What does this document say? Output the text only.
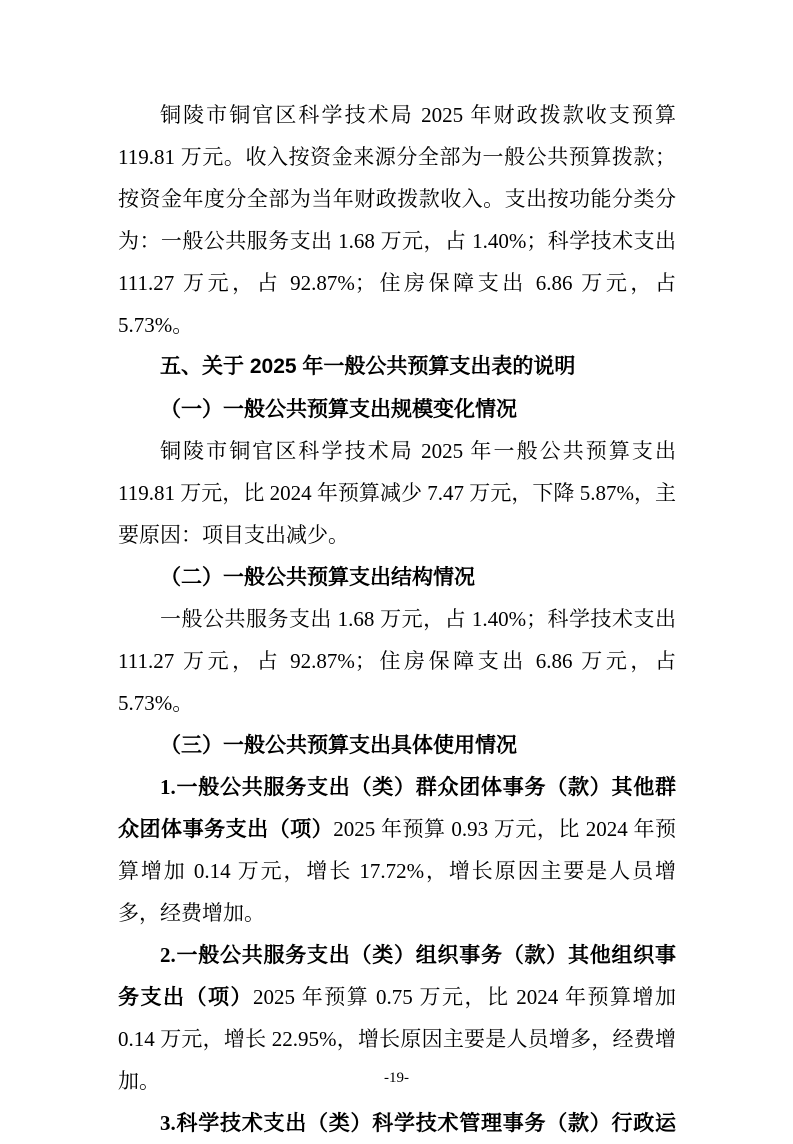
铜陵市铜官区科学技术局 2025 年财政拨款收支预算 119.81 万元。收入按资金来源分全部为一般公共预算拨款；按资金年度分全部为当年财政拨款收入。支出按功能分类分为：一般公共服务支出 1.68 万元，占 1.40%；科学技术支出 111.27 万元，占 92.87%；住房保障支出 6.86 万元，占 5.73%。

五、关于 2025 年一般公共预算支出表的说明

（一）一般公共预算支出规模变化情况

铜陵市铜官区科学技术局 2025 年一般公共预算支出 119.81 万元，比 2024 年预算减少 7.47 万元，下降 5.87%，主要原因：项目支出减少。

（二）一般公共预算支出结构情况

一般公共服务支出 1.68 万元，占 1.40%；科学技术支出 111.27 万元，占 92.87%；住房保障支出 6.86 万元，占 5.73%。

（三）一般公共预算支出具体使用情况

1.一般公共服务支出（类）群众团体事务（款）其他群众团体事务支出（项）2025 年预算 0.93 万元，比 2024 年预算增加 0.14 万元，增长 17.72%，增长原因主要是人员增多，经费增加。

2.一般公共服务支出（类）组织事务（款）其他组织事务支出（项）2025 年预算 0.75 万元，比 2024 年预算增加 0.14 万元，增长 22.95%，增长原因主要是人员增多，经费增加。

3.科学技术支出（类）科学技术管理事务（款）行政运

-19-
